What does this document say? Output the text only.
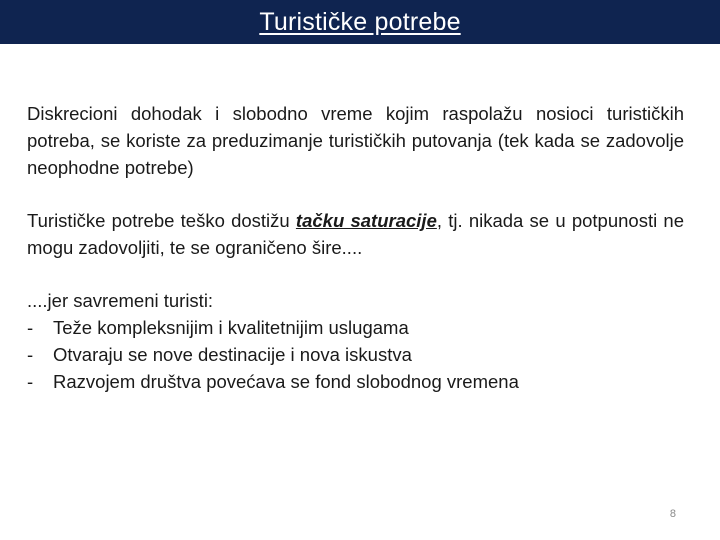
Turističke potrebe

Diskrecioni dohodak i slobodno vreme kojim raspolažu nosioci turističkih potreba, se koriste za preduzimanje turističkih putovanja (tek kada se zadovolje neophodne potrebe)

Turističke potrebe teško dostižu tačku saturacije, tj. nikada se u potpunosti ne mogu zadovoljiti, te se ograničeno šire....

....jer savremeni turisti:

-	Teže kompleksnijim i kvalitetnijim uslugama
-	Otvaraju se nove destinacije i nova iskustva
-	Razvojem društva povećava se fond slobodnog vremena
8
